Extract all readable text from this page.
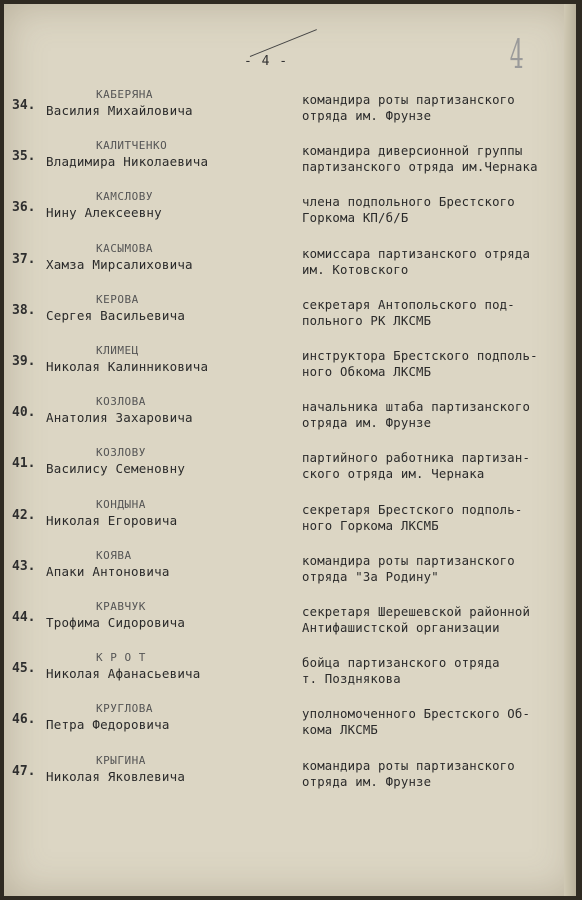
- 4 -	4
34.
КАБЕРЯНА
Василия Михайловича
командира роты партизанского
отряда им. Фрунзе
35.
КАЛИТЧЕНКО
Владимира Николаевича
командира диверсионной группы
партизанского отряда им.Чернака
36.
КАМСЛОВУ
Нину Алексеевну
члена подпольного Брестского
Горкома КП/б/Б
37.
КАСЫМОВА
Хамза Мирсалиховича
комиссара партизанского отряда
им. Котовского
38.
КЕРОВА
Сергея Васильевича
секретаря Антопольского под-
польного РК ЛКСМБ
39.
КЛИМЕЦ
Николая Калинниковича
инструктора Брестского подполь-
ного Обкома ЛКСМБ
40.
КОЗЛОВА
Анатолия Захаровича
начальника штаба партизанского
отряда им. Фрунзе
41.
КОЗЛОВУ
Василису Семеновну
партийного работника партизан-
ского отряда им. Чернака
42.
КОНДЫНА
Николая Егоровича
секретаря Брестского подполь-
ного Горкома ЛКСМБ
43.
КОЯВА
Апаки Антоновича
командира роты партизанского
отряда "За Родину"
44.
КРАВЧУК
Трофима Сидоровича
секретаря Шерешевской районной
Антифашистской организации
45.
К Р О Т
Николая Афанасьевича
бойца партизанского отряда
т. Позднякова
46.
КРУГЛОВА
Петра Федоровича
уполномоченного Брестского Об-
кома ЛКСМБ
47.
КРЫГИНА
Николая Яковлевича
командира роты партизанского
отряда им. Фрунзе
